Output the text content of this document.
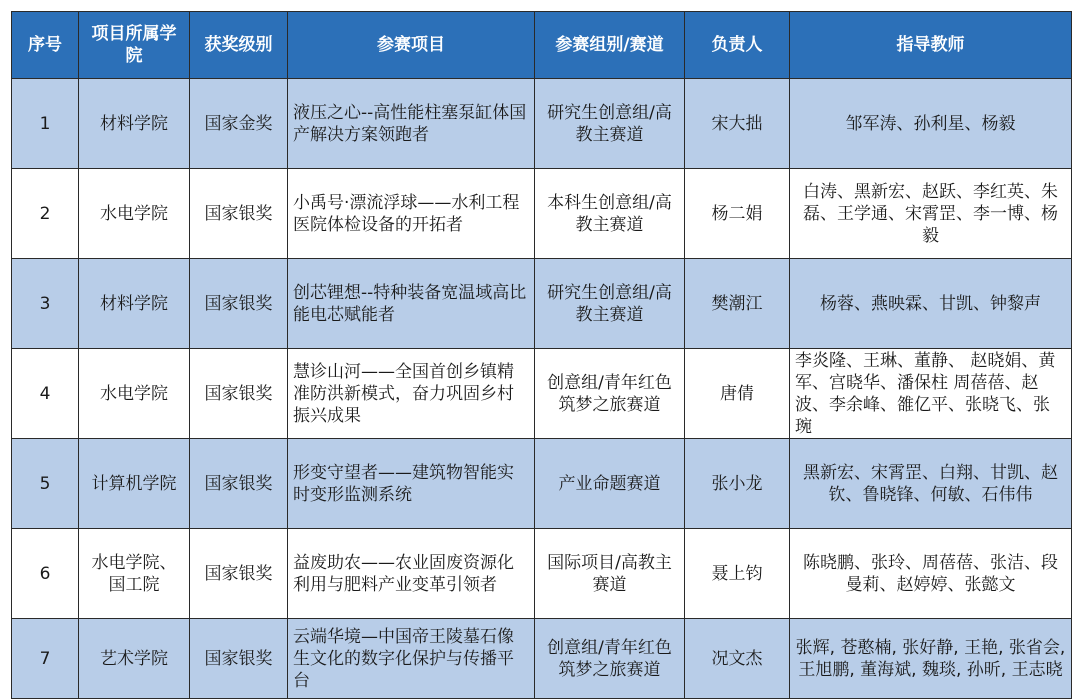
序号	项目所属学院	获奖级别	参赛项目	参赛组别/赛道	负责人	指导教师
1	材料学院	国家金奖	液压之心--高性能柱塞泵缸体国产解决方案领跑者	研究生创意组/高教主赛道	宋大拙	邹军涛、孙利星、杨毅
2	水电学院	国家银奖	小禹号·漂流浮球——水利工程医院体检设备的开拓者	本科生创意组/高教主赛道	杨二娟	白涛、黑新宏、赵跃、李红英、朱磊、王学通、宋霄罡、李一博、杨毅
3	材料学院	国家银奖	创芯锂想--特种装备宽温域高比能电芯赋能者	研究生创意组/高教主赛道	樊潮江	杨蓉、燕映霖、甘凯、钟黎声
4	水电学院	国家银奖	慧诊山河——全国首创乡镇精准防洪新模式，奋力巩固乡村振兴成果	创意组/青年红色筑梦之旅赛道	唐倩	李炎隆、王琳、董静、 赵晓娟、黄军、宫晓华、潘保柱 周蓓蓓、赵波、李余峰、雒亿平、张晓飞、张琬
5	计算机学院	国家银奖	形变守望者——建筑物智能实时变形监测系统	产业命题赛道	张小龙	黑新宏、宋霄罡、白翔、甘凯、赵钦、鲁晓锋、何敏、石伟伟
6	水电学院、国工院	国家银奖	益废助农——农业固废资源化利用与肥料产业变革引领者	国际项目/高教主赛道	聂上钧	陈晓鹏、张玲、周蓓蓓、张洁、段曼莉、赵婷婷、张懿文
7	艺术学院	国家银奖	云端华境—中国帝王陵墓石像生文化的数字化保护与传播平台	创意组/青年红色筑梦之旅赛道	况文杰	张辉, 苍憨楠, 张好静, 王艳, 张省会, 王旭鹏, 董海斌, 魏琰, 孙昕, 王志晓
